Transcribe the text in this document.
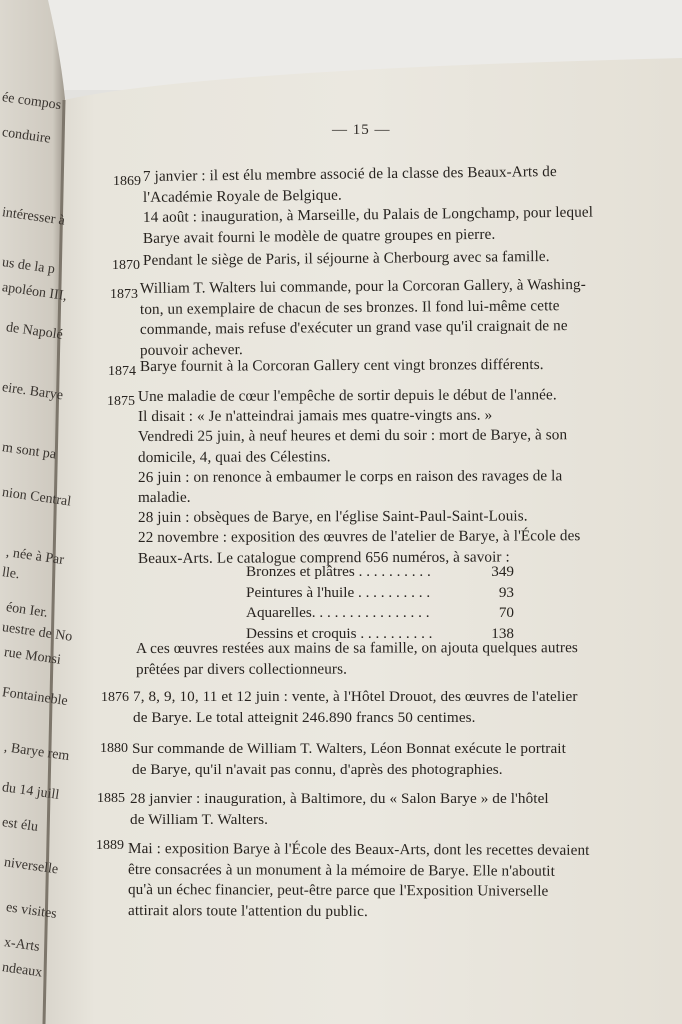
ée compos
conduire
intéresser à
us de la p
apoléon III,
de Napolé
eire. Barye
m sont pa
nion Central
, née à Par
lle.
éon Ier.
uestre de No
rue Monsi
Fontaineble
, Barye rem
du 14 juill
est élu
niverselle
es visites
x-Arts
ndeaux
— 15 —
1869 7 janvier : il est élu membre associé de la classe des Beaux-Arts de
l'Académie Royale de Belgique.
14 août : inauguration, à Marseille, du Palais de Longchamp, pour lequel
Barye avait fourni le modèle de quatre groupes en pierre.
1870 Pendant le siège de Paris, il séjourne à Cherbourg avec sa famille.
1873 William T. Walters lui commande, pour la Corcoran Gallery, à Washing-
ton, un exemplaire de chacun de ses bronzes. Il fond lui-même cette
commande, mais refuse d'exécuter un grand vase qu'il craignait de ne
pouvoir achever.
1874 Barye fournit à la Corcoran Gallery cent vingt bronzes différents.
1875 Une maladie de cœur l'empêche de sortir depuis le début de l'année.
Il disait : « Je n'atteindrai jamais mes quatre-vingts ans. »
Vendredi 25 juin, à neuf heures et demi du soir : mort de Barye, à son
domicile, 4, quai des Célestins.
26 juin : on renonce à embaumer le corps en raison des ravages de la
maladie.
28 juin : obsèques de Barye, en l'église Saint-Paul-Saint-Louis.
22 novembre : exposition des œuvres de l'atelier de Barye, à l'École des
Beaux-Arts. Le catalogue comprend 656 numéros, à savoir :
A ces œuvres restées aux mains de sa famille, on ajouta quelques autres
prêtées par divers collectionneurs.
1876 7, 8, 9, 10, 11 et 12 juin : vente, à l'Hôtel Drouot, des œuvres de l'atelier
de Barye. Le total atteignit 246.890 francs 50 centimes.
1880 Sur commande de William T. Walters, Léon Bonnat exécute le portrait
de Barye, qu'il n'avait pas connu, d'après des photographies.
1885 28 janvier : inauguration, à Baltimore, du « Salon Barye » de l'hôtel
de William T. Walters.
1889 Mai : exposition Barye à l'École des Beaux-Arts, dont les recettes devaient
être consacrées à un monument à la mémoire de Barye. Elle n'aboutit
qu'à un échec financier, peut-être parce que l'Exposition Universelle
attirait alors toute l'attention du public.
Bronzes et plâtres . . . . . . . . . .	349
Peintures à l'huile . . . . . . . . . .	93
Aquarelles. . . . . . . . . . . . . . . .	70
Dessins et croquis . . . . . . . . . .	138
